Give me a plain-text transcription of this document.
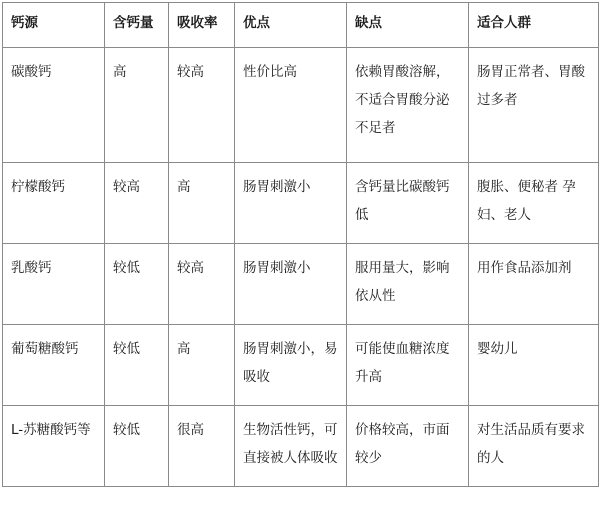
钙源	含钙量	吸收率	优点	缺点	适合人群
碳酸钙	高	较高	性价比高	依赖胃酸溶解，不适合胃酸分泌不足者	肠胃正常者、胃酸过多者
柠檬酸钙	较高	高	肠胃刺激小	含钙量比碳酸钙低	腹胀、便秘者 孕妇、老人
乳酸钙	较低	较高	肠胃刺激小	服用量大，影响依从性	用作食品添加剂
葡萄糖酸钙	较低	高	肠胃刺激小，易吸收	可能使血糖浓度升高	婴幼儿
L-苏糖酸钙等	较低	很高	生物活性钙，可直接被人体吸收	价格较高，市面较少	对生活品质有要求的人
